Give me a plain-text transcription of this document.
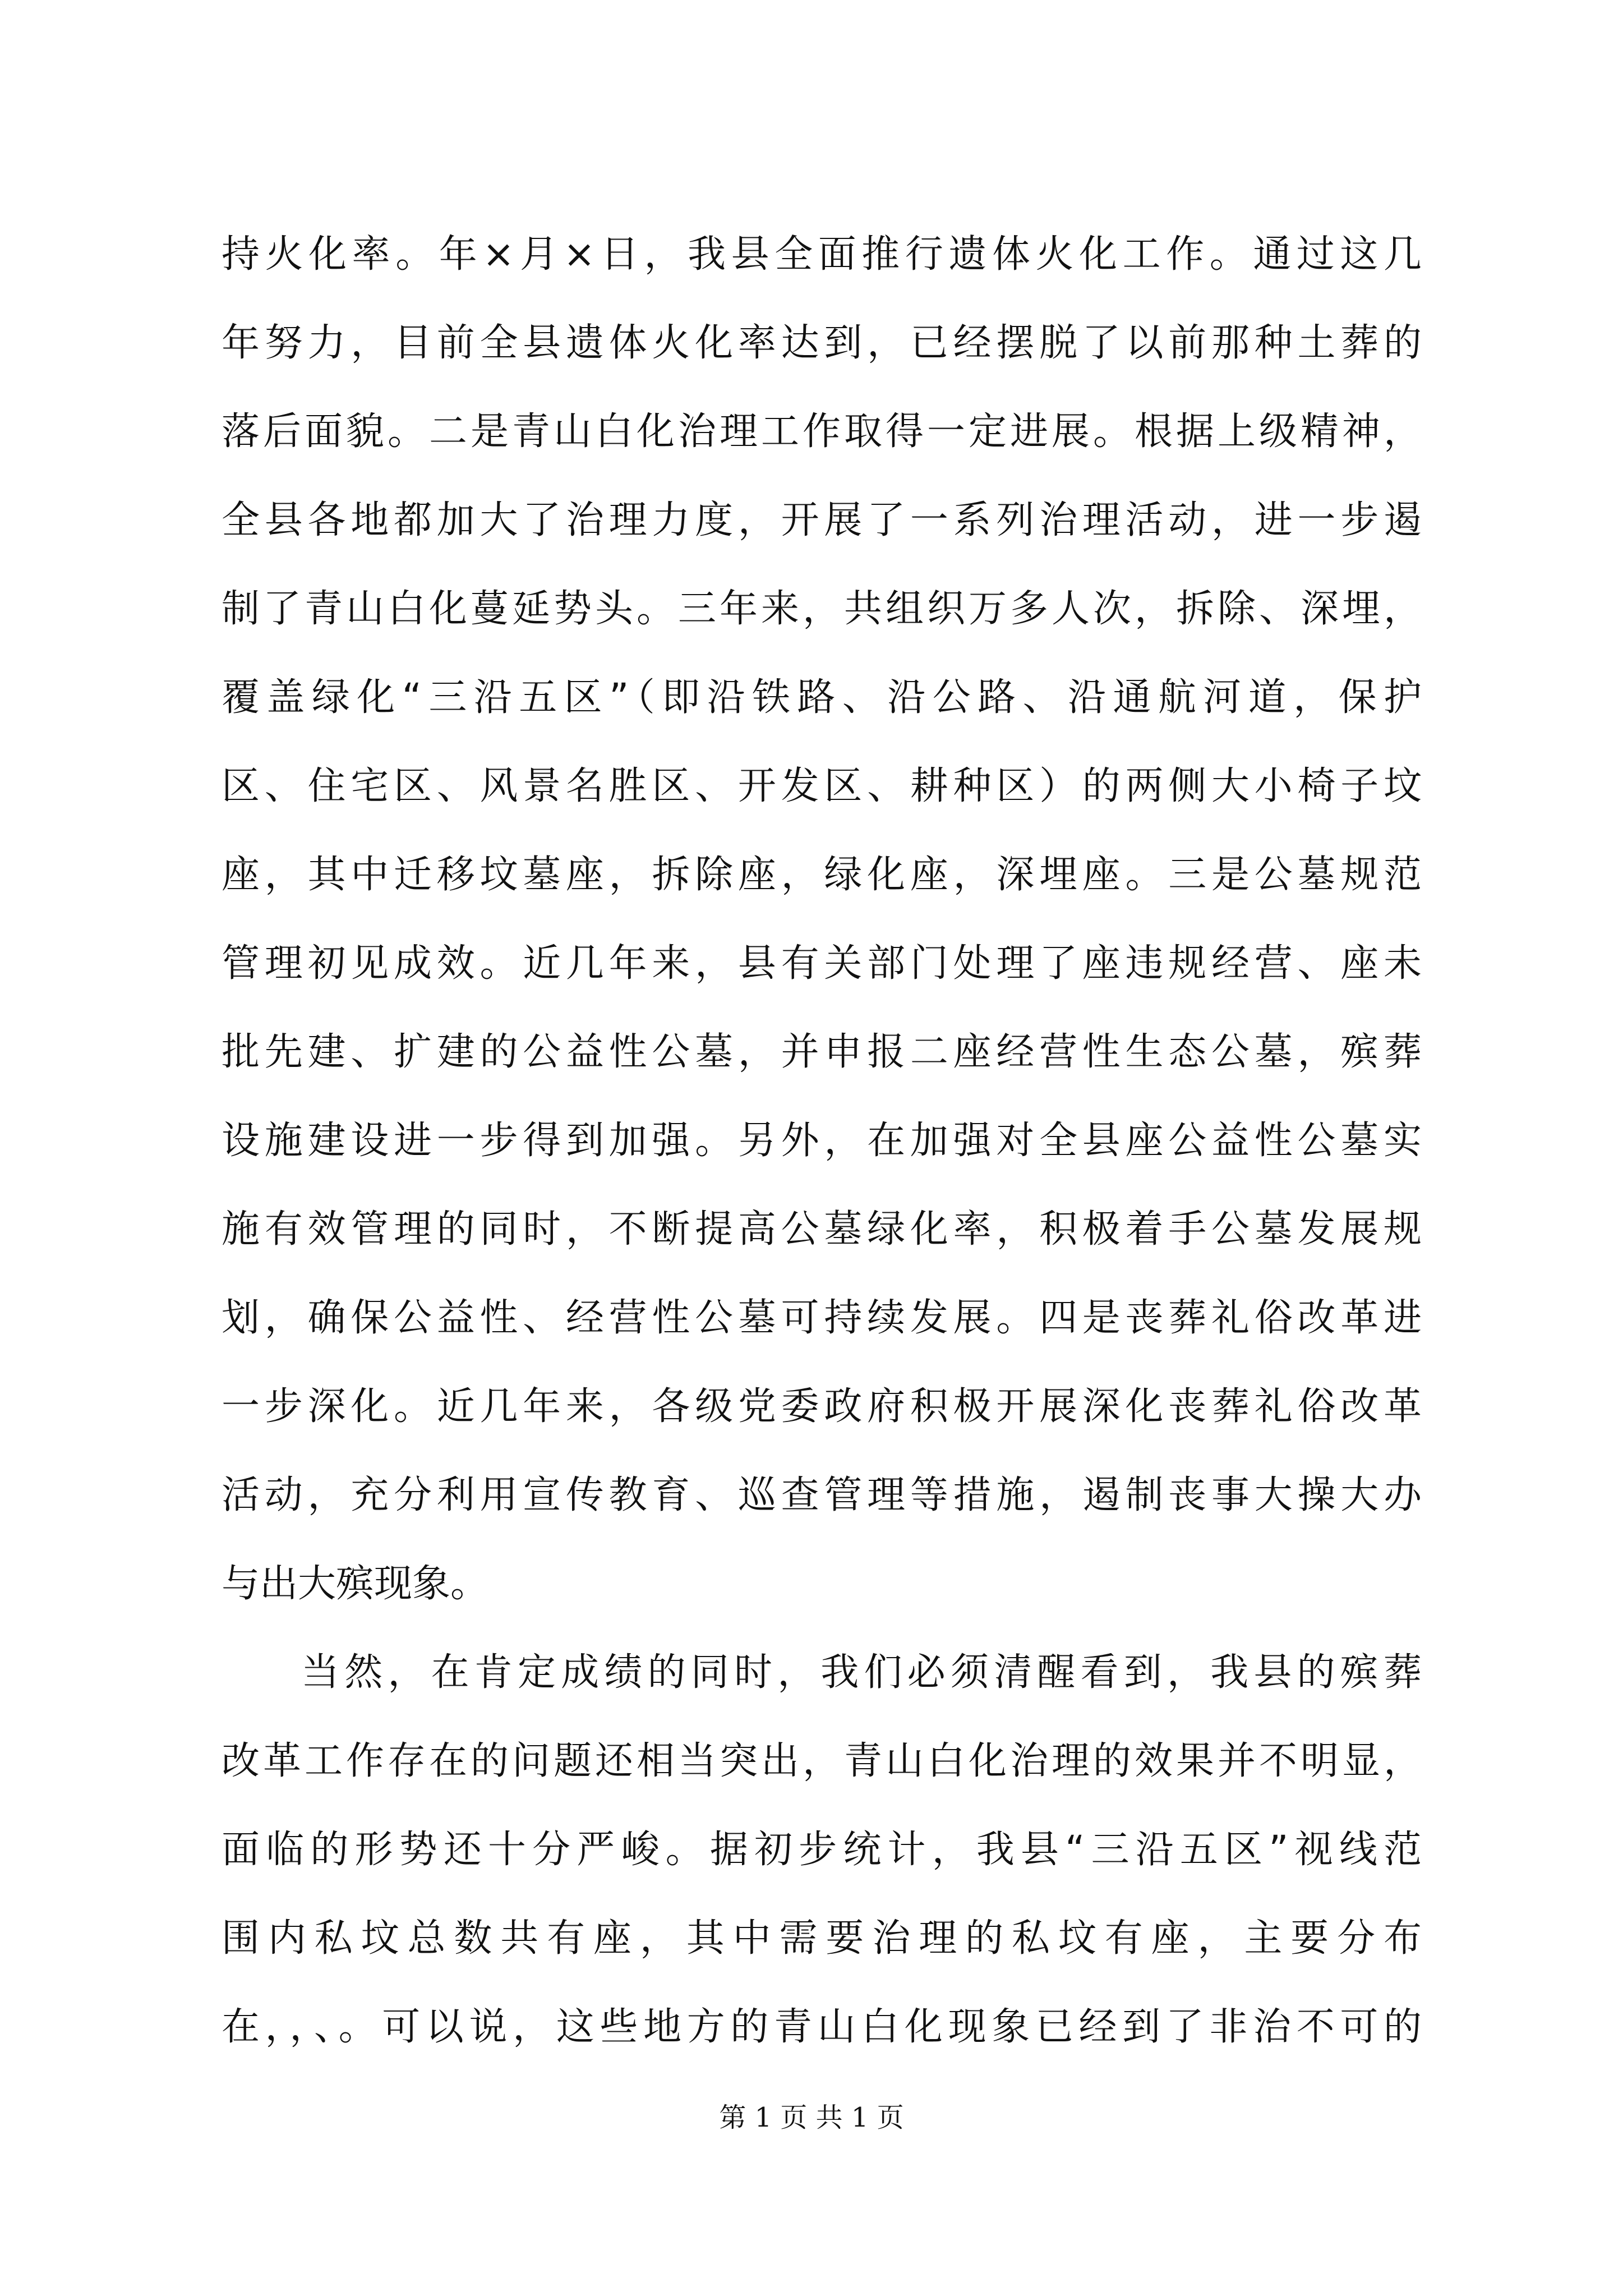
持火化率。年×月×日，我县全面推行遗体火化工作。通过这几
年努力，目前全县遗体火化率达到，已经摆脱了以前那种土葬的
落后面貌。二是青山白化治理工作取得一定进展。根据上级精神，
全县各地都加大了治理力度，开展了一系列治理活动，进一步遏
制了青山白化蔓延势头。三年来，共组织万多人次，拆除、深埋，
覆盖绿化“三沿五区”（即沿铁路、沿公路、沿通航河道，保护
区、住宅区、风景名胜区、开发区、耕种区）的两侧大小椅子坟
座，其中迁移坟墓座，拆除座，绿化座，深埋座。三是公墓规范
管理初见成效。近几年来，县有关部门处理了座违规经营、座未
批先建、扩建的公益性公墓，并申报二座经营性生态公墓，殡葬
设施建设进一步得到加强。另外，在加强对全县座公益性公墓实
施有效管理的同时，不断提高公墓绿化率，积极着手公墓发展规
划，确保公益性、经营性公墓可持续发展。四是丧葬礼俗改革进
一步深化。近几年来，各级党委政府积极开展深化丧葬礼俗改革
活动，充分利用宣传教育、巡查管理等措施，遏制丧事大操大办
与出大殡现象。
当然，在肯定成绩的同时，我们必须清醒看到，我县的殡葬
改革工作存在的问题还相当突出，青山白化治理的效果并不明显，
面临的形势还十分严峻。据初步统计，我县“三沿五区”视线范
围内私坟总数共有座，其中需要治理的私坟有座，主要分布
在，，、。可以说，这些地方的青山白化现象已经到了非治不可的
第 1 页 共 1 页
